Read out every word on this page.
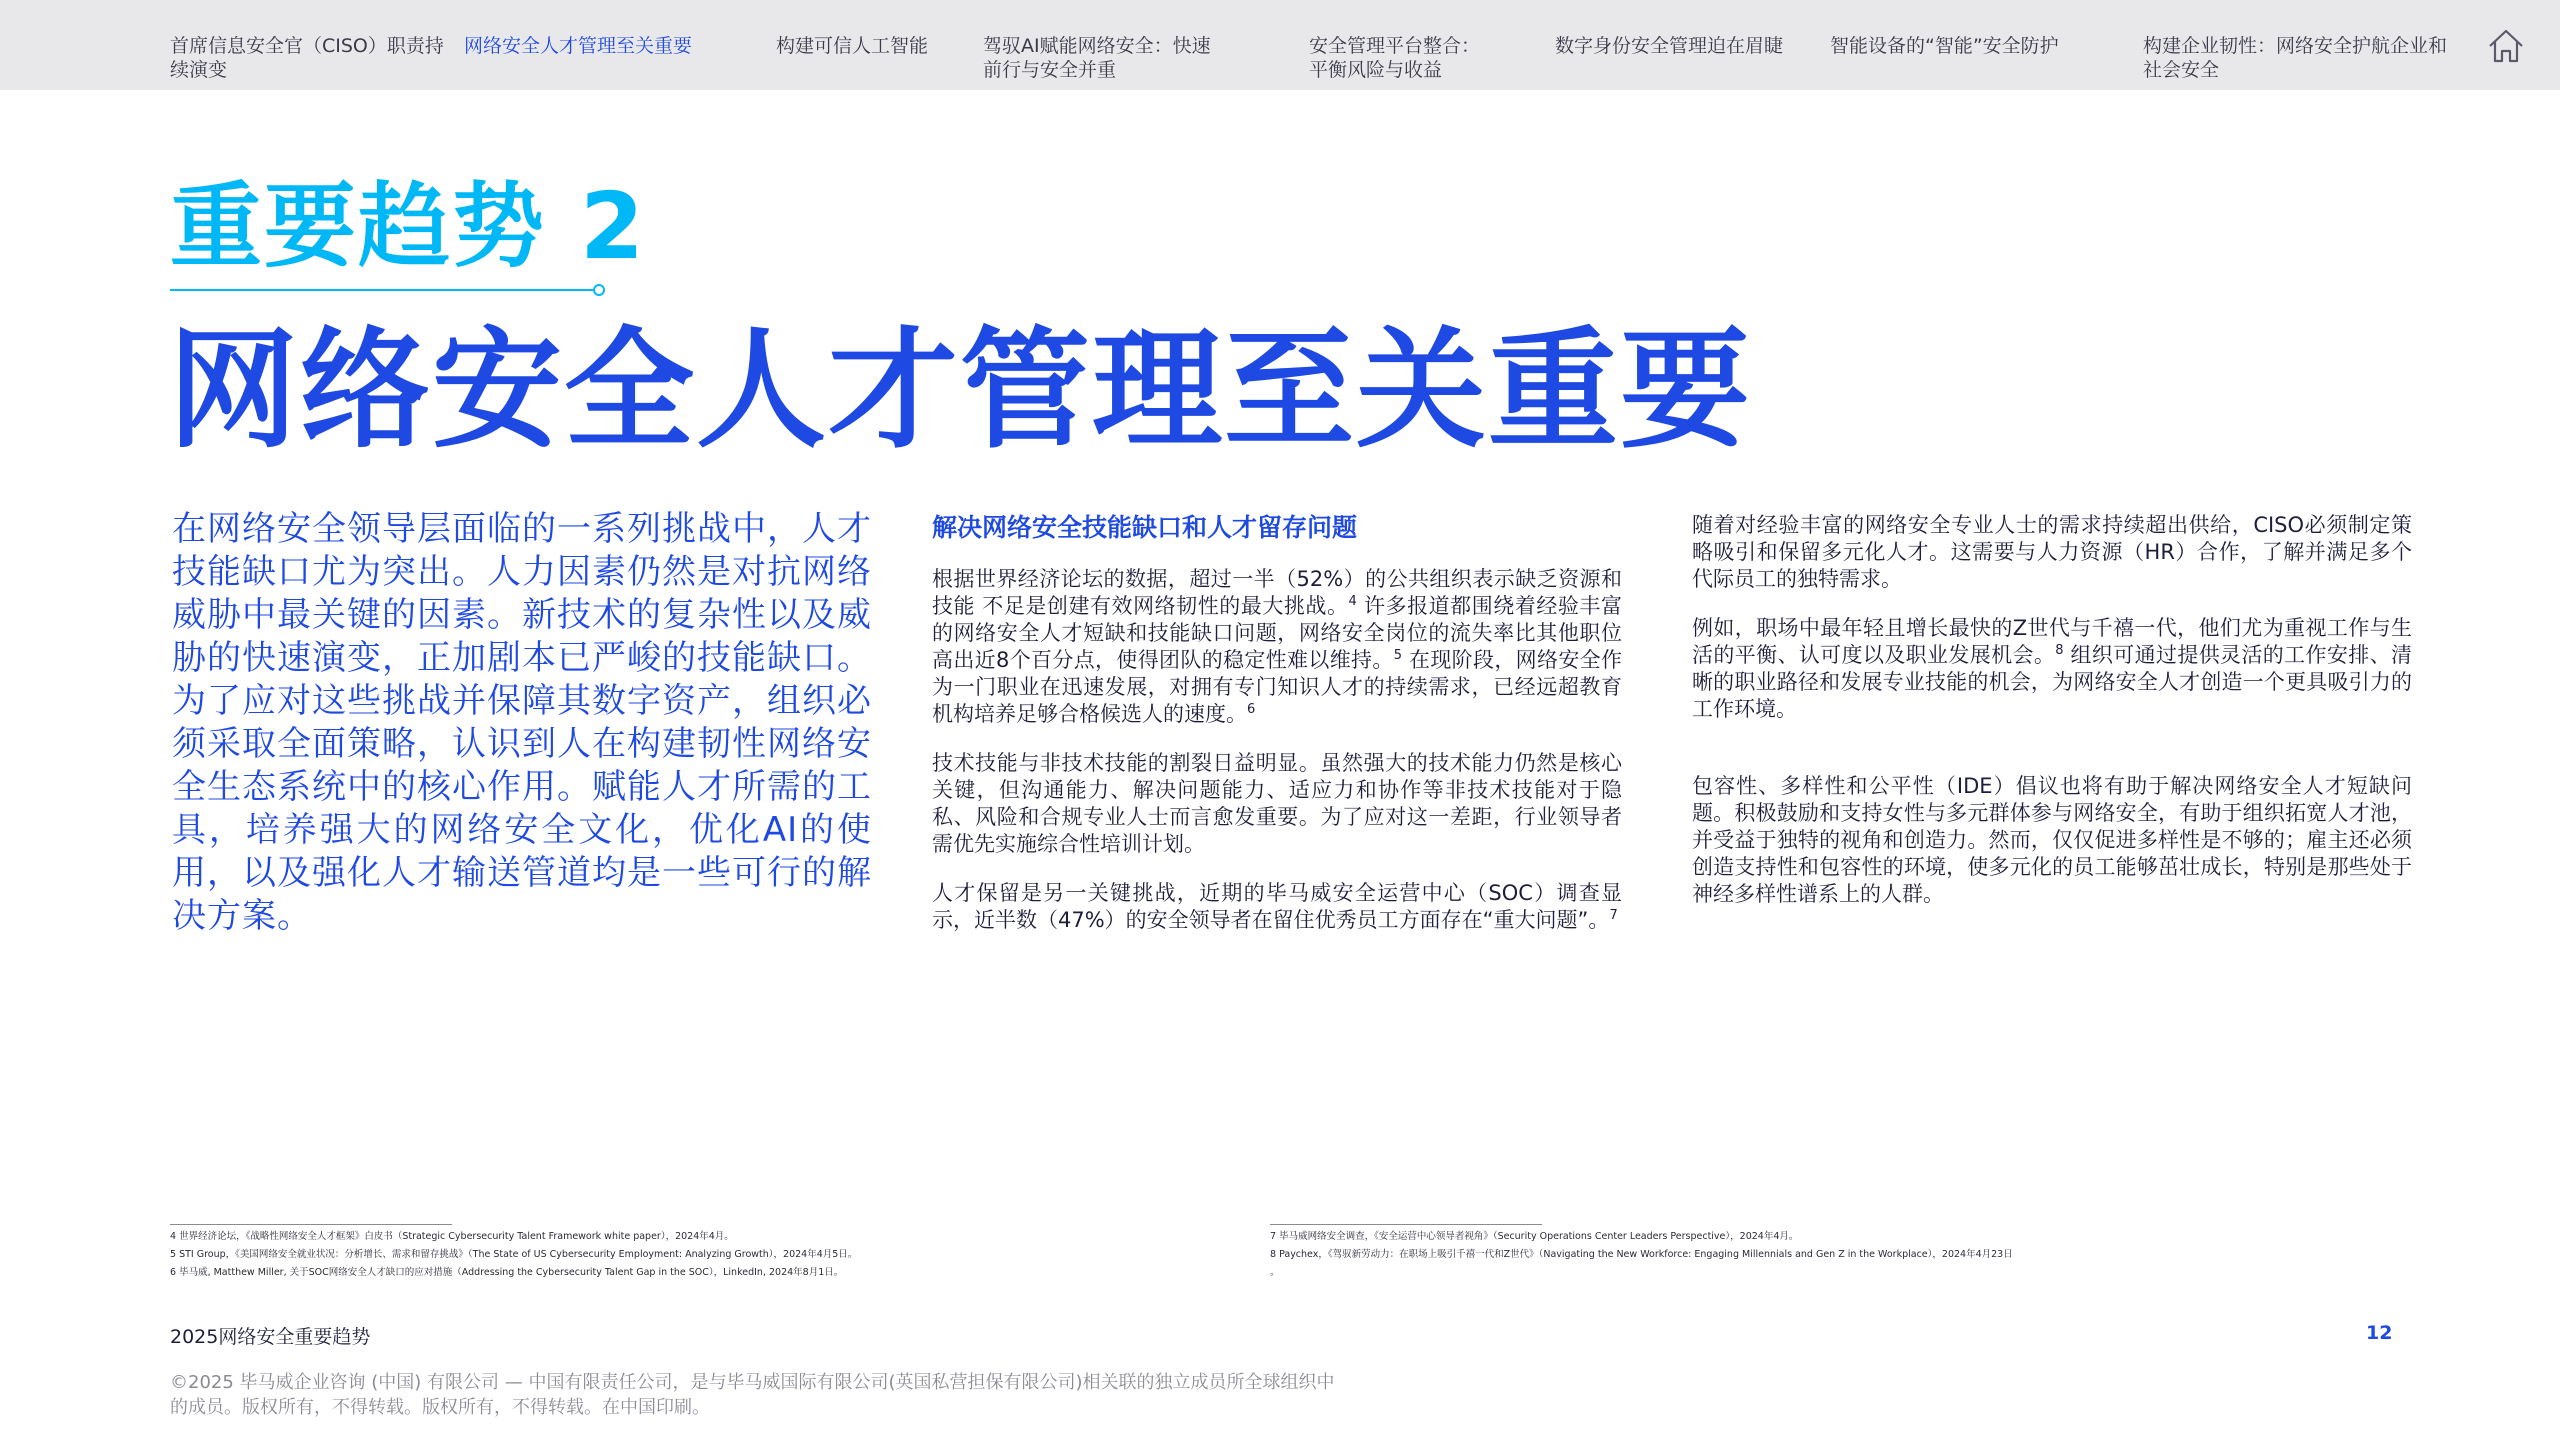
首席信息安全官（CISO）职责持
续演变
网络安全人才管理至关重要	构建可信人工智能	驾驭AI赋能网络安全：快速
前行与安全并重
安全管理平台整合：
平衡风险与收益
数字身份安全管理迫在眉睫 智能设备的“智能”安全防护	构建企业韧性：网络安全护航企业和
社会安全
重要趋势 2
网络安全人才管理至关重要
在网络安全领导层面临的一系列挑战中，人才技能缺口尤为突出。人力因素仍然是对抗网络威胁中最关键的因素。新技术的复杂性以及威胁的快速演变，正加剧本已严峻的技能缺口。为了应对这些挑战并保障其数字资产，组织必须采取全面策略，认识到人在构建韧性网络安全生态系统中的核心作用。赋能人才所需的工具，培养强大的网络安全文化，优化AI的使用，以及强化人才输送管道均是一些可行的解决方案。
解决网络安全技能缺口和人才留存问题

根据世界经济论坛的数据，超过一半（52%）的公共组织表示缺乏资源和技能 不足是创建有效网络韧性的最大挑战。$^4$ 许多报道都围绕着经验丰富的网络安全人才短缺和技能缺口问题，网络安全岗位的流失率比其他职位高出近8个百分点，使得团队的稳定性难以维持。$^5$ 在现阶段，网络安全作为一门职业在迅速发展，对拥有专门知识人才的持续需求，已经远超教育机构培养足够合格候选人的速度。$^6$

技术技能与非技术技能的割裂日益明显。虽然强大的技术能力仍然是核心关键，但沟通能力、解决问题能力、适应力和协作等非技术技能对于隐私、风险和合规专业人士而言愈发重要。为了应对这一差距，行业领导者需优先实施综合性培训计划。

人才保留是另一关键挑战，近期的毕马威安全运营中心（SOC）调查显示，近半数（47%）的安全领导者在留住优秀员工方面存在“重大问题”。$^7$

随着对经验丰富的网络安全专业人士的需求持续超出供给，CISO必须制定策略吸引和保留多元化人才。这需要与人力资源（HR）合作，了解并满足多个代际员工的独特需求。

例如，职场中最年轻且增长最快的Z世代与千禧一代，他们尤为重视工作与生活的平衡、认可度以及职业发展机会。$^8$ 组织可通过提供灵活的工作安排、清晰的职业路径和发展专业技能的机会，为网络安全人才创造一个更具吸引力的工作环境。

包容性、多样性和公平性（IDE）倡议也将有助于解决网络安全人才短缺问题。积极鼓励和支持女性与多元群体参与网络安全，有助于组织拓宽人才池，并受益于独特的视角和创造力。然而，仅仅促进多样性是不够的；雇主还必须创造支持性和包容性的环境，使多元化的员工能够茁壮成长，特别是那些处于神经多样性谱系上的人群。

4 世界经济论坛，《战略性网络安全人才框架》白皮书（Strategic Cybersecurity Talent Framework white paper），2024年4月。
5 STI Group，《美国网络安全就业状况：分析增长、需求和留存挑战》（The State of US Cybersecurity Employment: Analyzing Growth），2024年4月5日。
6 毕马威, Matthew Miller, 关于SOC网络安全人才缺口的应对措施（Addressing the Cybersecurity Talent Gap in the SOC），LinkedIn, 2024年8月1日。
7 毕马威网络安全调查，《安全运营中心领导者视角》（Security Operations Center Leaders Perspective），2024年4月。
8 Paychex，《驾驭新劳动力：在职场上吸引千禧一代和Z世代》（Navigating the New Workforce: Engaging Millennials and Gen Z in the Workplace），2024年4月23日
。
2025网络安全重要趋势	12
©2025 毕马威企业咨询 (中国) 有限公司 — 中国有限责任公司，是与毕马威国际有限公司(英国私营担保有限公司)相关联的独立成员所全球组织中的成员。版权所有，不得转载。版权所有，不得转载。在中国印刷。
